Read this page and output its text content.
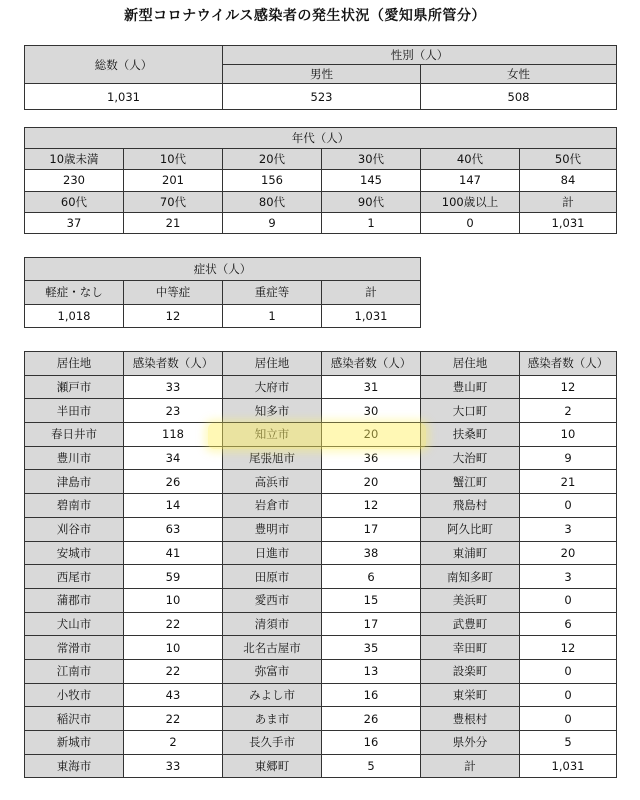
新型コロナウイルス感染者の発生状況（愛知県所管分）
総数（人）	性別（人）	
	男性	女性
1,031	523	508
年代（人）					
10歳未満	10代	20代	30代	40代	50代
230	201	156	145	147	84
60代	70代	80代	90代	100歳以上	計
37	21	9	1	0	1,031
症状（人）			
軽症・なし	中等症	重症等	計
1,018	12	1	1,031
居住地	感染者数（人）	居住地	感染者数（人）	居住地	感染者数（人）
瀬戸市	33	大府市	31	豊山町	12
半田市	23	知多市	30	大口町	2
春日井市	118	知立市	20	扶桑町	10
豊川市	34	尾張旭市	36	大治町	9
津島市	26	高浜市	20	蟹江町	21
碧南市	14	岩倉市	12	飛島村	0
刈谷市	63	豊明市	17	阿久比町	3
安城市	41	日進市	38	東浦町	20
西尾市	59	田原市	6	南知多町	3
蒲郡市	10	愛西市	15	美浜町	0
犬山市	22	清須市	17	武豊町	6
常滑市	10	北名古屋市	35	幸田町	12
江南市	22	弥富市	13	設楽町	0
小牧市	43	みよし市	16	東栄町	0
稲沢市	22	あま市	26	豊根村	0
新城市	2	長久手市	16	県外分	5
東海市	33	東郷町	5	計	1,031
